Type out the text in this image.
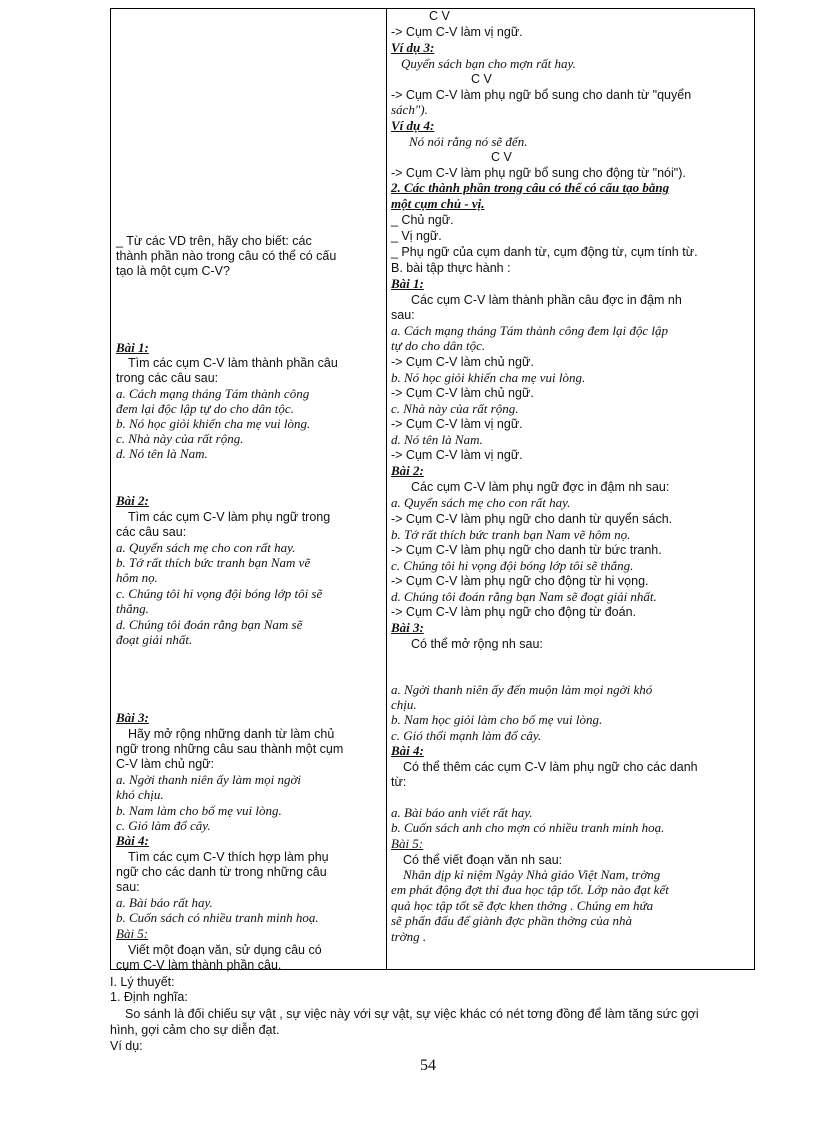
_ Từ các VD trên, hãy cho biết: các
thành phần nào trong câu có thể có cấu
tạo là một cụm C-V?
Bài 1:
Tìm các cụm C-V làm thành phần câu
trong các câu sau:
a. Cách mạng tháng Tám thành công
đem lại độc lập tự do cho dân tộc.
b. Nó học giỏi khiến cha mẹ vui lòng.
c. Nhà này của rất rộng.
d. Nó tên là Nam.
Bài 2:
Tìm các cụm C-V làm phụ ngữ trong
các câu sau:
a. Quyển sách mẹ cho con rất hay.
b. Tớ rất thích bức tranh bạn Nam vẽ
hôm nọ.
c. Chúng tôi hi vọng đội bóng lớp tôi sẽ
thắng.
d. Chúng tôi đoán rằng bạn Nam sẽ
đoạt giải nhất.
Bài 3:
Hãy mở rộng những danh từ làm chủ
ngữ trong những câu sau thành một cụm
C-V làm chủ ngữ:
a. Ngời thanh niên ấy làm mọi ngời
khó chịu.
b. Nam làm cho bố mẹ vui lòng.
c. Gió làm đổ cây.
Bài 4:
Tìm các cụm C-V thích hợp làm phụ
ngữ cho các danh từ trong những câu
sau:
a. Bài báo rất hay.
b. Cuốn sách có nhiều tranh minh hoạ.
Bài 5:
Viết một đoạn văn, sử dụng câu có
cụm C-V làm thành phần câu.
C V
-> Cụm C-V làm vị ngữ.
Ví dụ 3:
Quyển sách bạn cho mợn rất hay.
C V
-> Cụm C-V làm phụ ngữ bổ sung cho danh từ "quyển
sách").
Ví dụ 4:
Nó nói rằng nó sẽ đến.
C V
-> Cụm C-V làm phụ ngữ bổ sung cho động từ "nói").
2. Các thành phần trong câu có thể có cấu tạo bằng
một cụm chủ - vị.
_ Chủ ngữ.
_ Vị ngữ.
_ Phụ ngữ của cụm danh từ, cụm động từ, cụm tính từ.
B. bài tập thực hành :
Bài 1:
Các cụm C-V làm thành phần câu đợc in đậm nh
sau:
a. Cách mạng tháng Tám thành công đem lại độc lập
tự do cho dân tộc.
-> Cụm C-V làm chủ ngữ.
b. Nó học giỏi khiến cha mẹ vui lòng.
-> Cụm C-V làm chủ ngữ.
c. Nhà này của rất rộng.
-> Cụm C-V làm vị ngữ.
d. Nó tên là Nam.
-> Cụm C-V làm vị ngữ.
Bài 2:
Các cụm C-V làm phụ ngữ đợc in đậm nh sau:
a. Quyển sách mẹ cho con rất hay.
-> Cụm C-V làm phụ ngữ cho danh từ quyển sách.
b. Tớ rất thích bức tranh bạn Nam vẽ hôm nọ.
-> Cụm C-V làm phụ ngữ cho danh từ bức tranh.
c. Chúng tôi hi vọng đội bóng lớp tôi sẽ thắng.
-> Cụm C-V làm phụ ngữ cho động từ hi vọng.
d. Chúng tôi đoán rằng bạn Nam sẽ đoạt giải nhất.
-> Cụm C-V làm phụ ngữ cho động từ đoán.
Bài 3:
Có thể mở rộng nh sau:
a. Ngời thanh niên ấy đến muộn làm mọi ngời khó
chịu.
b. Nam học giỏi làm cho bố mẹ vui lòng.
c. Gió thổi mạnh làm đổ cây.
Bài 4:
Có thể thêm các cụm C-V làm phụ ngữ cho các danh
từ:
a. Bài báo anh viết rất hay.
b. Cuốn sách anh cho mợn có nhiều tranh minh hoạ.
Bài 5:
Có thể viết đoạn văn nh sau:
Nhân dịp kỉ niệm Ngày Nhà giáo Việt Nam, trờng
em phát động đợt thi đua học tập tốt. Lớp nào đạt kết
quả học tập tốt sẽ đợc khen thởng . Chúng em hứa
sẽ phấn đấu để giành đợc phần thởng của nhà
trờng .
I. Lý thuyết:
1. Định nghĩa:
So sánh là đối chiếu sự vật , sự việc này với sự vật, sự việc khác có nét tơng đồng để làm tăng sức gợi
hình, gợi cảm cho sự diễn đạt.
Ví dụ:
54
